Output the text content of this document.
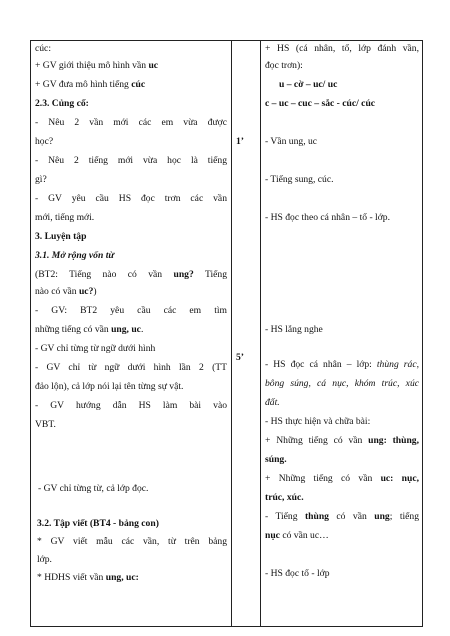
cúc:
+ GV giới thiệu mô hình vần uc
+ GV đưa mô hình tiếng cúc
2.3. Củng cố:
- Nêu 2 vần mới các em vừa được
học?
- Nêu 2 tiếng mới vừa học là tiếng
gì?
- GV yêu cầu HS đọc trơn các vần
mới, tiếng mới.
3. Luyện tập
3.1. Mở rộng vốn từ
(BT2: Tiếng nào có vần ung? Tiếng
nào có vần uc?)
- GV: BT2 yêu cầu các em tìm
những tiếng có vần ung, uc.
- GV chỉ từng từ ngữ dưới hình
- GV chỉ từ ngữ dưới hình lần 2 (TT
đảo lộn), cả lớp nói lại tên từng sự vật.
- GV hướng dẫn HS làm bài vào
VBT.
- GV chỉ từng từ, cả lớp đọc.
3.2. Tập viết (BT4 - bảng con)
* GV viết mẫu các vần, từ trên bảng
lớp.
* HDHS viết vần ung, uc:
1’
5’
+ HS (cá nhân, tổ, lớp đánh vần,
đọc trơn):
u – cờ – uc/ uc
c – uc – cuc – sắc - cúc/ cúc
- Vần ung, uc
- Tiếng sung, cúc.
- HS đọc theo cá nhân – tổ - lớp.
- HS lắng nghe
- HS đọc cá nhân – lớp: thùng rác,
bông súng, cá nục, khóm trúc, xúc
đất.
- HS thực hiện và chữa bài:
+ Những tiếng có vần ung: thùng,
súng.
+ Những tiếng có vần uc: nục,
trúc, xúc.
- Tiếng thùng có vần ung; tiếng
nục có vần uc…
- HS đọc tổ - lớp
